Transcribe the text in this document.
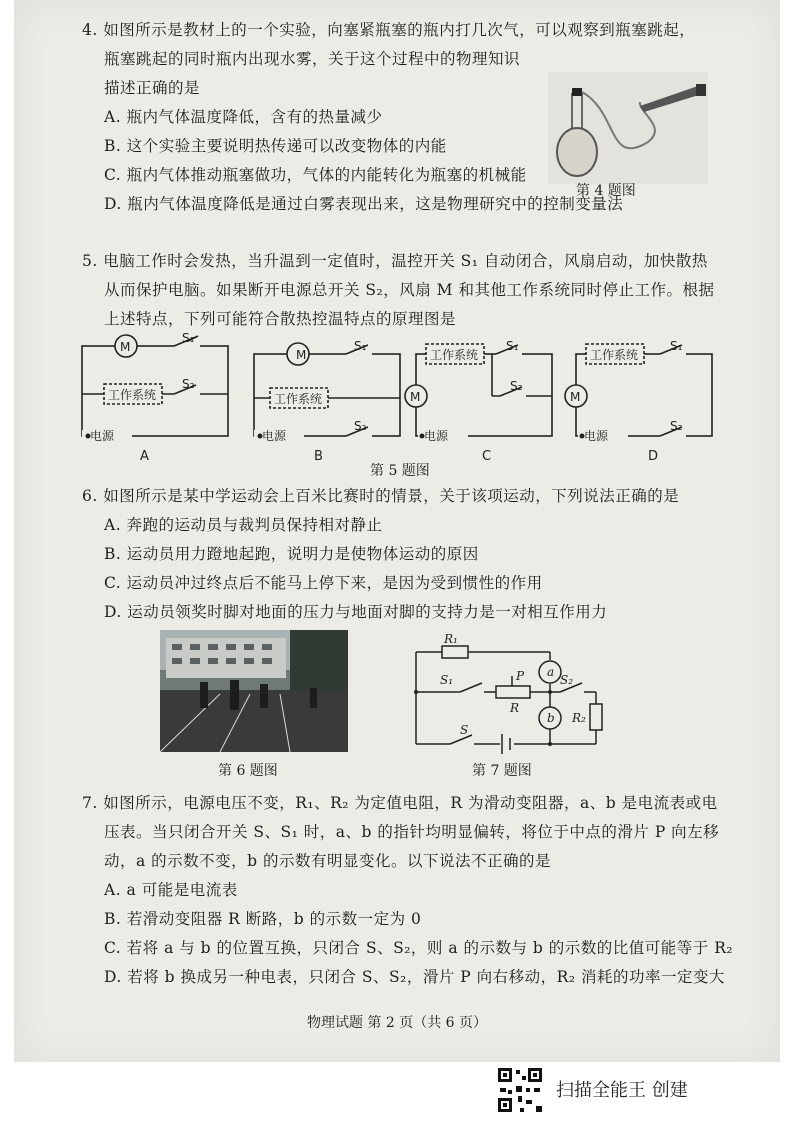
4. 如图所示是教材上的一个实验，向塞紧瓶塞的瓶内打几次气，可以观察到瓶塞跳起，
瓶塞跳起的同时瓶内出现水雾，关于这个过程中的物理知识
描述正确的是
A. 瓶内气体温度降低，含有的热量减少
B. 这个实验主要说明热传递可以改变物体的内能
C. 瓶内气体推动瓶塞做功，气体的内能转化为瓶塞的机械能
D. 瓶内气体温度降低是通过白雾表现出来，这是物理研究中的控制变量法
第 4 题图
5. 电脑工作时会发热，当升温到一定值时，温控开关 S₁ 自动闭合，风扇启动，加快散热
从而保护电脑。如果断开电源总开关 S₂，风扇 M 和其他工作系统同时停止工作。根据
上述特点，下列可能符合散热控温特点的原理图是
M
S₁
S₂
工作系统
电源
M
S₁
S₂
工作系统
电源
M
S₁
S₂
工作系统
电源
M
S₁
S₂
工作系统
电源
A	B	C	D
第 5 题图
6. 如图所示是某中学运动会上百米比赛时的情景，关于该项运动，下列说法正确的是
A. 奔跑的运动员与裁判员保持相对静止
B. 运动员用力蹬地起跑，说明力是使物体运动的原因
C. 运动员冲过终点后不能马上停下来，是因为受到惯性的作用
D. 运动员领奖时脚对地面的压力与地面对脚的支持力是一对相互作用力
第 6 题图
R₁
a
S₁	P
R
S₂
b R₂
S
第 7 题图
7. 如图所示，电源电压不变，R₁、R₂ 为定值电阻，R 为滑动变阻器，a、b 是电流表或电
压表。当只闭合开关 S、S₁ 时，a、b 的指针均明显偏转，将位于中点的滑片 P 向左移
动，a 的示数不变，b 的示数有明显变化。以下说法不正确的是
A. a 可能是电流表
B. 若滑动变阻器 R 断路，b 的示数一定为 0
C. 若将 a 与 b 的位置互换，只闭合 S、S₂，则 a 的示数与 b 的示数的比值可能等于 R₂
D. 若将 b 换成另一种电表，只闭合 S、S₂，滑片 P 向右移动，R₂ 消耗的功率一定变大
物理试题 第 2 页（共 6 页）
扫描全能王 创建
